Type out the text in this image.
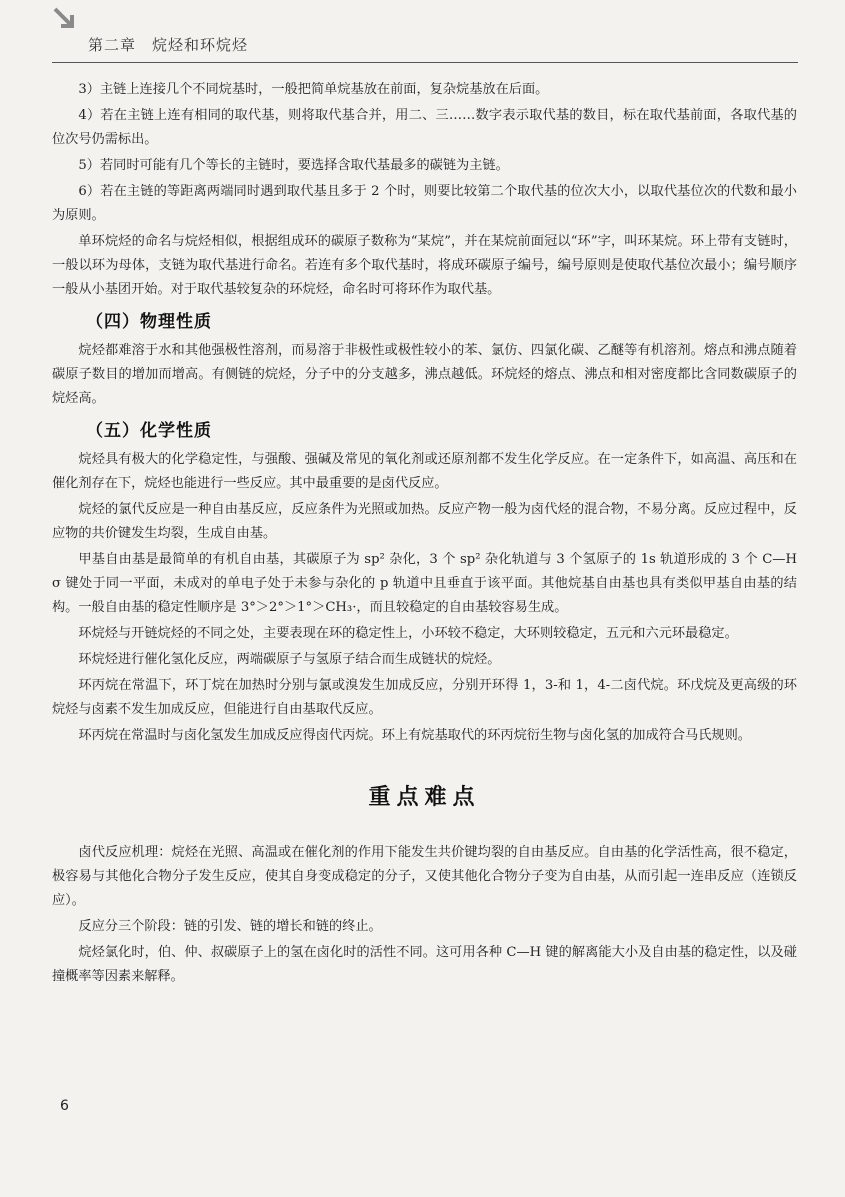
第二章　烷烃和环烷烃

3）主链上连接几个不同烷基时，一般把简单烷基放在前面，复杂烷基放在后面。

4）若在主链上连有相同的取代基，则将取代基合并，用二、三……数字表示取代基的数目，标在取代基前面，各取代基的位次号仍需标出。

5）若同时可能有几个等长的主链时，要选择含取代基最多的碳链为主链。

6）若在主链的等距离两端同时遇到取代基且多于 2 个时，则要比较第二个取代基的位次大小，以取代基位次的代数和最小为原则。

单环烷烃的命名与烷烃相似，根据组成环的碳原子数称为“某烷”，并在某烷前面冠以“环”字，叫环某烷。环上带有支链时，一般以环为母体，支链为取代基进行命名。若连有多个取代基时，将成环碳原子编号，编号原则是使取代基位次最小；编号顺序一般从小基团开始。对于取代基较复杂的环烷烃，命名时可将环作为取代基。

（四）物理性质

烷烃都难溶于水和其他强极性溶剂，而易溶于非极性或极性较小的苯、氯仿、四氯化碳、乙醚等有机溶剂。熔点和沸点随着碳原子数目的增加而增高。有侧链的烷烃，分子中的分支越多，沸点越低。环烷烃的熔点、沸点和相对密度都比含同数碳原子的烷烃高。

（五）化学性质

烷烃具有极大的化学稳定性，与强酸、强碱及常见的氧化剂或还原剂都不发生化学反应。在一定条件下，如高温、高压和在催化剂存在下，烷烃也能进行一些反应。其中最重要的是卤代反应。

烷烃的氯代反应是一种自由基反应，反应条件为光照或加热。反应产物一般为卤代烃的混合物，不易分离。反应过程中，反应物的共价键发生均裂，生成自由基。

甲基自由基是最简单的有机自由基，其碳原子为 sp² 杂化，3 个 sp² 杂化轨道与 3 个氢原子的 1s 轨道形成的 3 个 C—H σ 键处于同一平面，未成对的单电子处于未参与杂化的 p 轨道中且垂直于该平面。其他烷基自由基也具有类似甲基自由基的结构。一般自由基的稳定性顺序是 3°＞2°＞1°＞CH₃·，而且较稳定的自由基较容易生成。

环烷烃与开链烷烃的不同之处，主要表现在环的稳定性上，小环较不稳定，大环则较稳定，五元和六元环最稳定。

环烷烃进行催化氢化反应，两端碳原子与氢原子结合而生成链状的烷烃。

环丙烷在常温下，环丁烷在加热时分别与氯或溴发生加成反应，分别开环得 1，3-和 1，4-二卤代烷。环戊烷及更高级的环烷烃与卤素不发生加成反应，但能进行自由基取代反应。

环丙烷在常温时与卤化氢发生加成反应得卤代丙烷。环上有烷基取代的环丙烷衍生物与卤化氢的加成符合马氏规则。

重点难点

卤代反应机理：烷烃在光照、高温或在催化剂的作用下能发生共价键均裂的自由基反应。自由基的化学活性高，很不稳定，极容易与其他化合物分子发生反应，使其自身变成稳定的分子，又使其他化合物分子变为自由基，从而引起一连串反应（连锁反应）。

反应分三个阶段：链的引发、链的增长和链的终止。

烷烃氯化时，伯、仲、叔碳原子上的氢在卤化时的活性不同。这可用各种 C—H 键的解离能大小及自由基的稳定性，以及碰撞概率等因素来解释。

6
